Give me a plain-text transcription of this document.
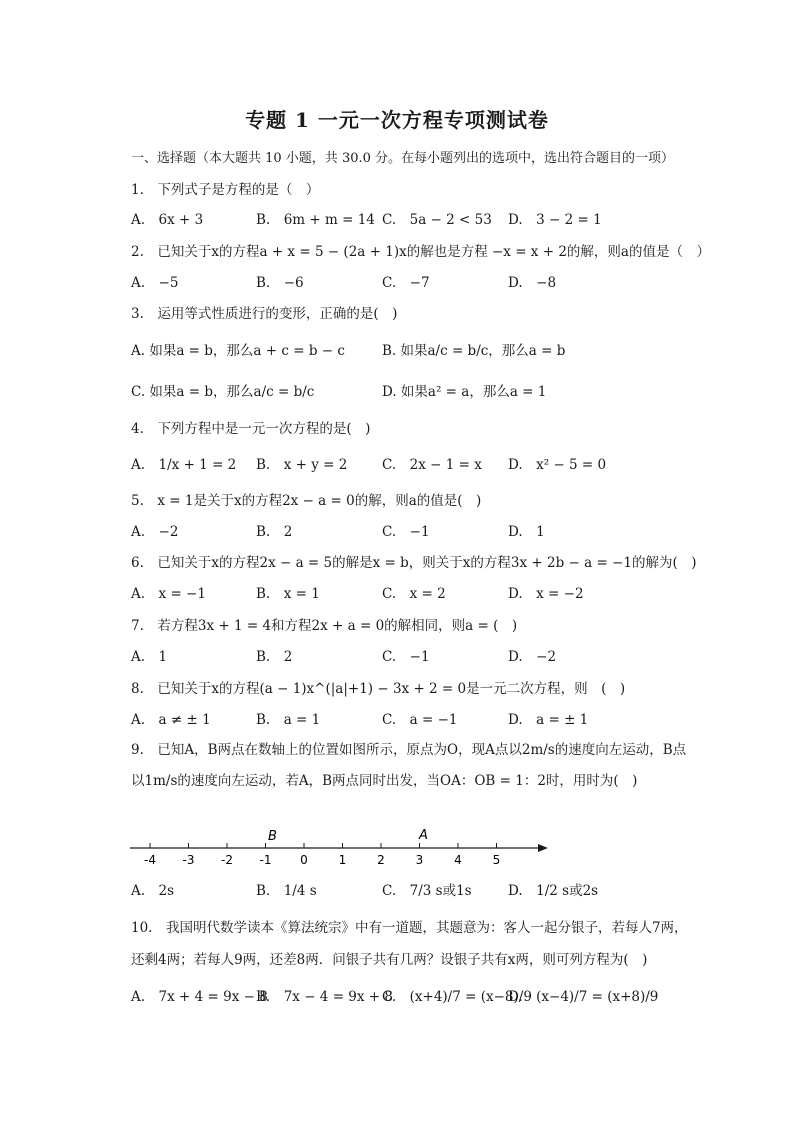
专题 1 一元一次方程专项测试卷
一、选择题（本大题共 10 小题，共 30.0 分。在每小题列出的选项中，选出符合题目的一项）
1.　下列式子是方程的是（　）
A.　6x + 3	B.　6m + m = 14 C.　5a − 2 < 53 D.　3 − 2 = 1
2.　已知关于x的方程a + x = 5 − (2a + 1)x的解也是方程 −x = x + 2的解，则a的值是（　）
A.　−5	B.　−6	C.　−7	D.　−8
3.　运用等式性质进行的变形，正确的是(　)
A. 如果a = b，那么a + c = b − c	B. 如果a/c = b/c，那么a = b
C. 如果a = b，那么a/c = b/c	D. 如果a² = a，那么a = 1
4.　下列方程中是一元一次方程的是(　)
A.　1/x + 1 = 2 B.　x + y = 2	C.　2x − 1 = x D.　x² − 5 = 0
5.　x = 1是关于x的方程2x − a = 0的解，则a的值是(　)
A.　−2	B.　2	C.　−1	D.　1
6.　已知关于x的方程2x − a = 5的解是x = b，则关于x的方程3x + 2b − a = −1的解为(　)
A.　x = −1	B.　x = 1	C.　x = 2	D.　x = −2
7.　若方程3x + 1 = 4和方程2x + a = 0的解相同，则a = (　)
A.　1	B.　2	C.　−1	D.　−2
8.　已知关于x的方程(a − 1)x^(|a|+1) − 3x + 2 = 0是一元二次方程，则　(　)
A.　a ≠ ± 1	B.　a = 1	C.　a = −1	D.　a = ± 1
9.　已知A，B两点在数轴上的位置如图所示，原点为O，现A点以2m/s的速度向左运动，B点
以1m/s的速度向左运动，若A，B两点同时出发，当OA：OB = 1：2时，用时为(　)
-4 -3 -2 -1 0	1	2	3	4	5
B	A
A.　2s	B.　1/4 s	C.　7/3 s或1s	D.　1/2 s或2s
10.　我国明代数学读本《算法统宗》中有一道题，其题意为：客人一起分银子，若每人7两，
还剩4两；若每人9两，还差8两．问银子共有几两？设银子共有x两，则可列方程为(　)
A.　7x + 4 = 9x − 8
B.　7x − 4 = 9x + 8
C.　(x+4)/7 = (x−8)/9
D.　(x−4)/7 = (x+8)/9
